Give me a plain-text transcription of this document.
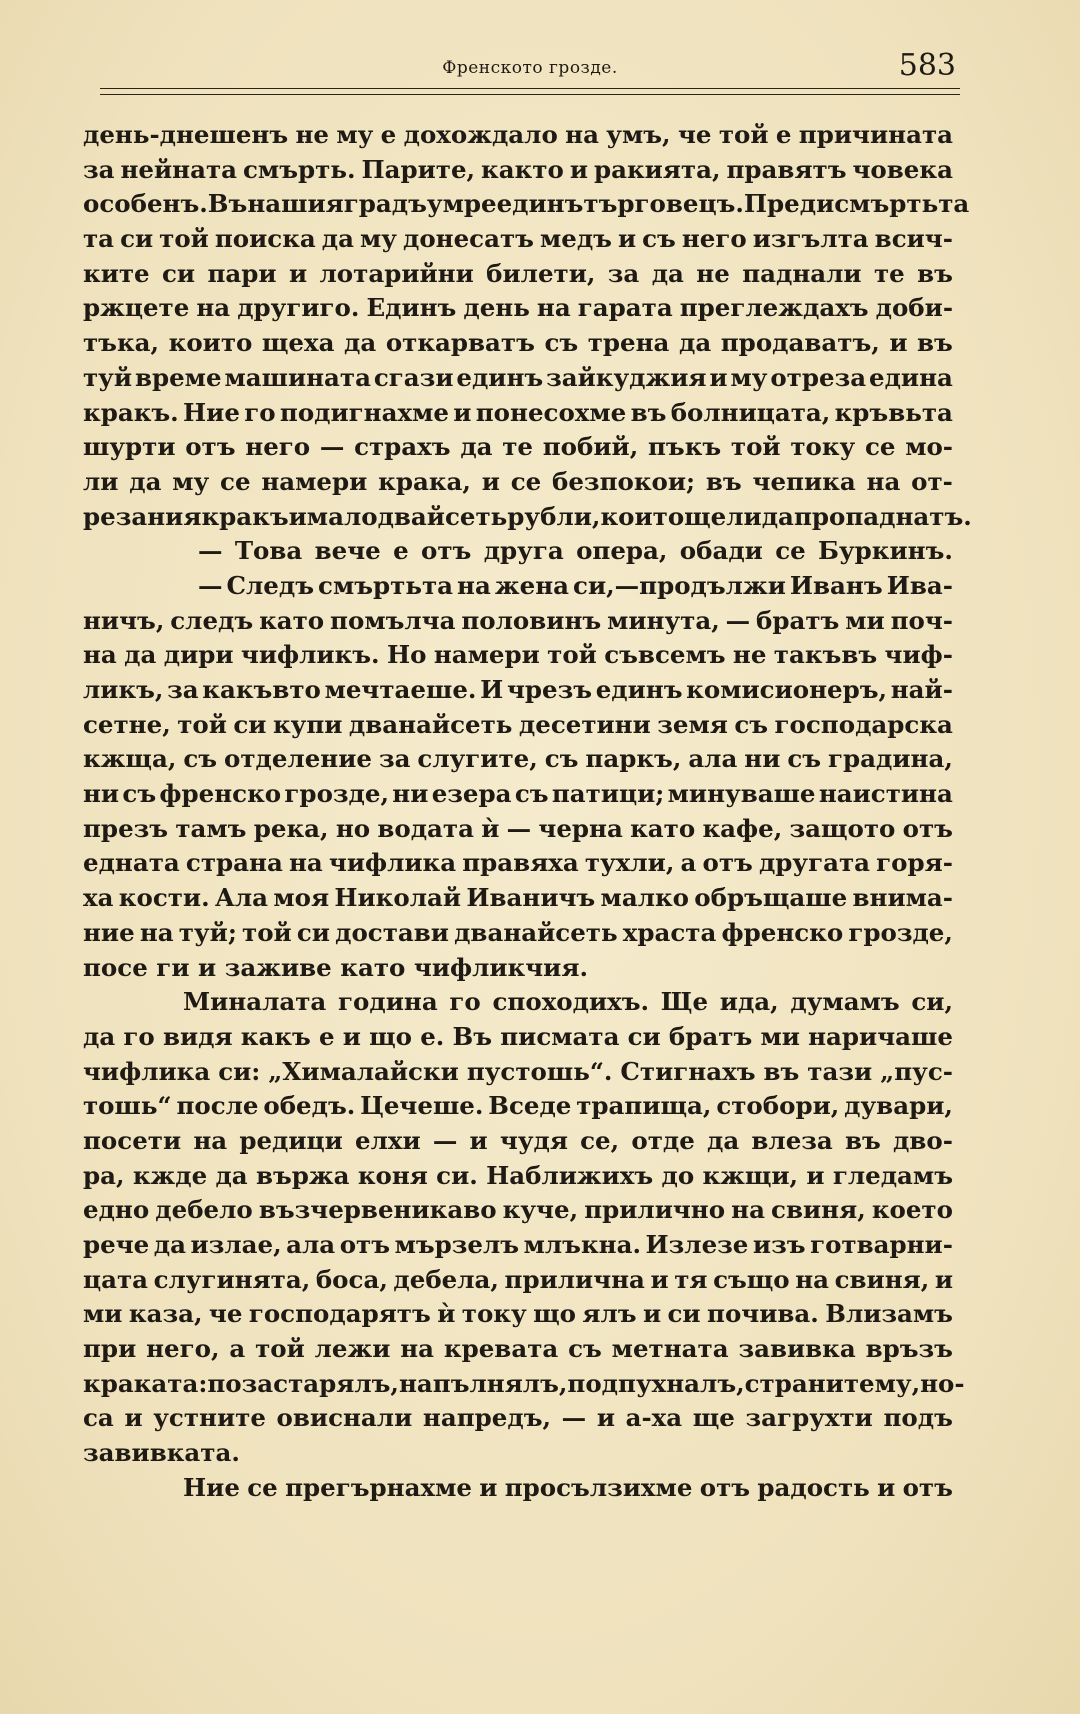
Френското грозде.	583
день-днешенъ не му е дохождало на умъ, че той е причината
за нейната смърть. Парите, както и ракията, правятъ човека
особенъ. Въ нашия градъ умре единъ търговецъ. Преди смъртьта
та си той поиска да му донесатъ медъ и съ него изгълта всич-
ките си пари и лотарийни билети, за да не паднали те въ
ржцете на другиго. Единъ день на гарата преглеждахъ доби-
тъка, които щеха да откарватъ съ трена да продаватъ, и въ
туй време машината сгази единъ зайкуджия и му отреза едина
кракъ. Ние го подигнахме и понесохме въ болницата, кръвьта
шурти отъ него — страхъ да те побий, пъкъ той току се мо-
ли да му се намери крака, и се безпокои; въ чепика на от-
резания кракъ имало двайсеть рубли, които щели да пропаднатъ.
— Това вече е отъ друга опера, обади се Буркинъ.
— Следъ смъртьта на жена си,—продължи Иванъ Ива-
ничъ, следъ като помълча половинъ минута, — братъ ми поч-
на да дири чифликъ. Но намери той съвсемъ не такъвъ чиф-
ликъ, за какъвто мечтаеше. И чрезъ единъ комисионеръ, най-
сетне, той си купи дванайсеть десетини земя съ господарска
кжща, съ отделение за слугите, съ паркъ, ала ни съ градина,
ни съ френско грозде, ни езера съ патици; минуваше наистина
презъ тамъ река, но водата ѝ — черна като кафе, защото отъ
едната страна на чифлика правяха тухли, а отъ другата горя-
ха кости. Ала моя Николай Иваничъ малко обръщаше внима-
ние на туй; той си достави дванайсеть храста френско грозде,
посе ги и заживе като чифликчия.
Миналата година го споходихъ. Ще ида, думамъ си,
да го видя какъ е и що е. Въ писмата си братъ ми наричаше
чифлика си: „Хималайски пустошь“. Стигнахъ въ тази „пус-
тошь“ после обедъ. Цечеше. Вседе трапища, стобори, дувари,
посети на редици елхи — и чудя се, отде да влеза въ дво-
ра, кжде да вържа коня си. Наближихъ до кжщи, и гледамъ
едно дебело възчервеникаво куче, прилично на свиня, което
рече да излае, ала отъ мързелъ млъкна. Излезе изъ готварни-
цата слугинята, боса, дебела, прилична и тя също на свиня, и
ми каза, че господарятъ ѝ току що ялъ и си почива. Влизамъ
при него, а той лежи на кревата съ метната завивка връзъ
краката: позастарялъ, напълнялъ, подпухналъ, страните му, но-
са и устните овиснали напредъ, — и а-ха ще загрухти подъ
завивката.
Ние се прегърнахме и просълзихме отъ радость и отъ
